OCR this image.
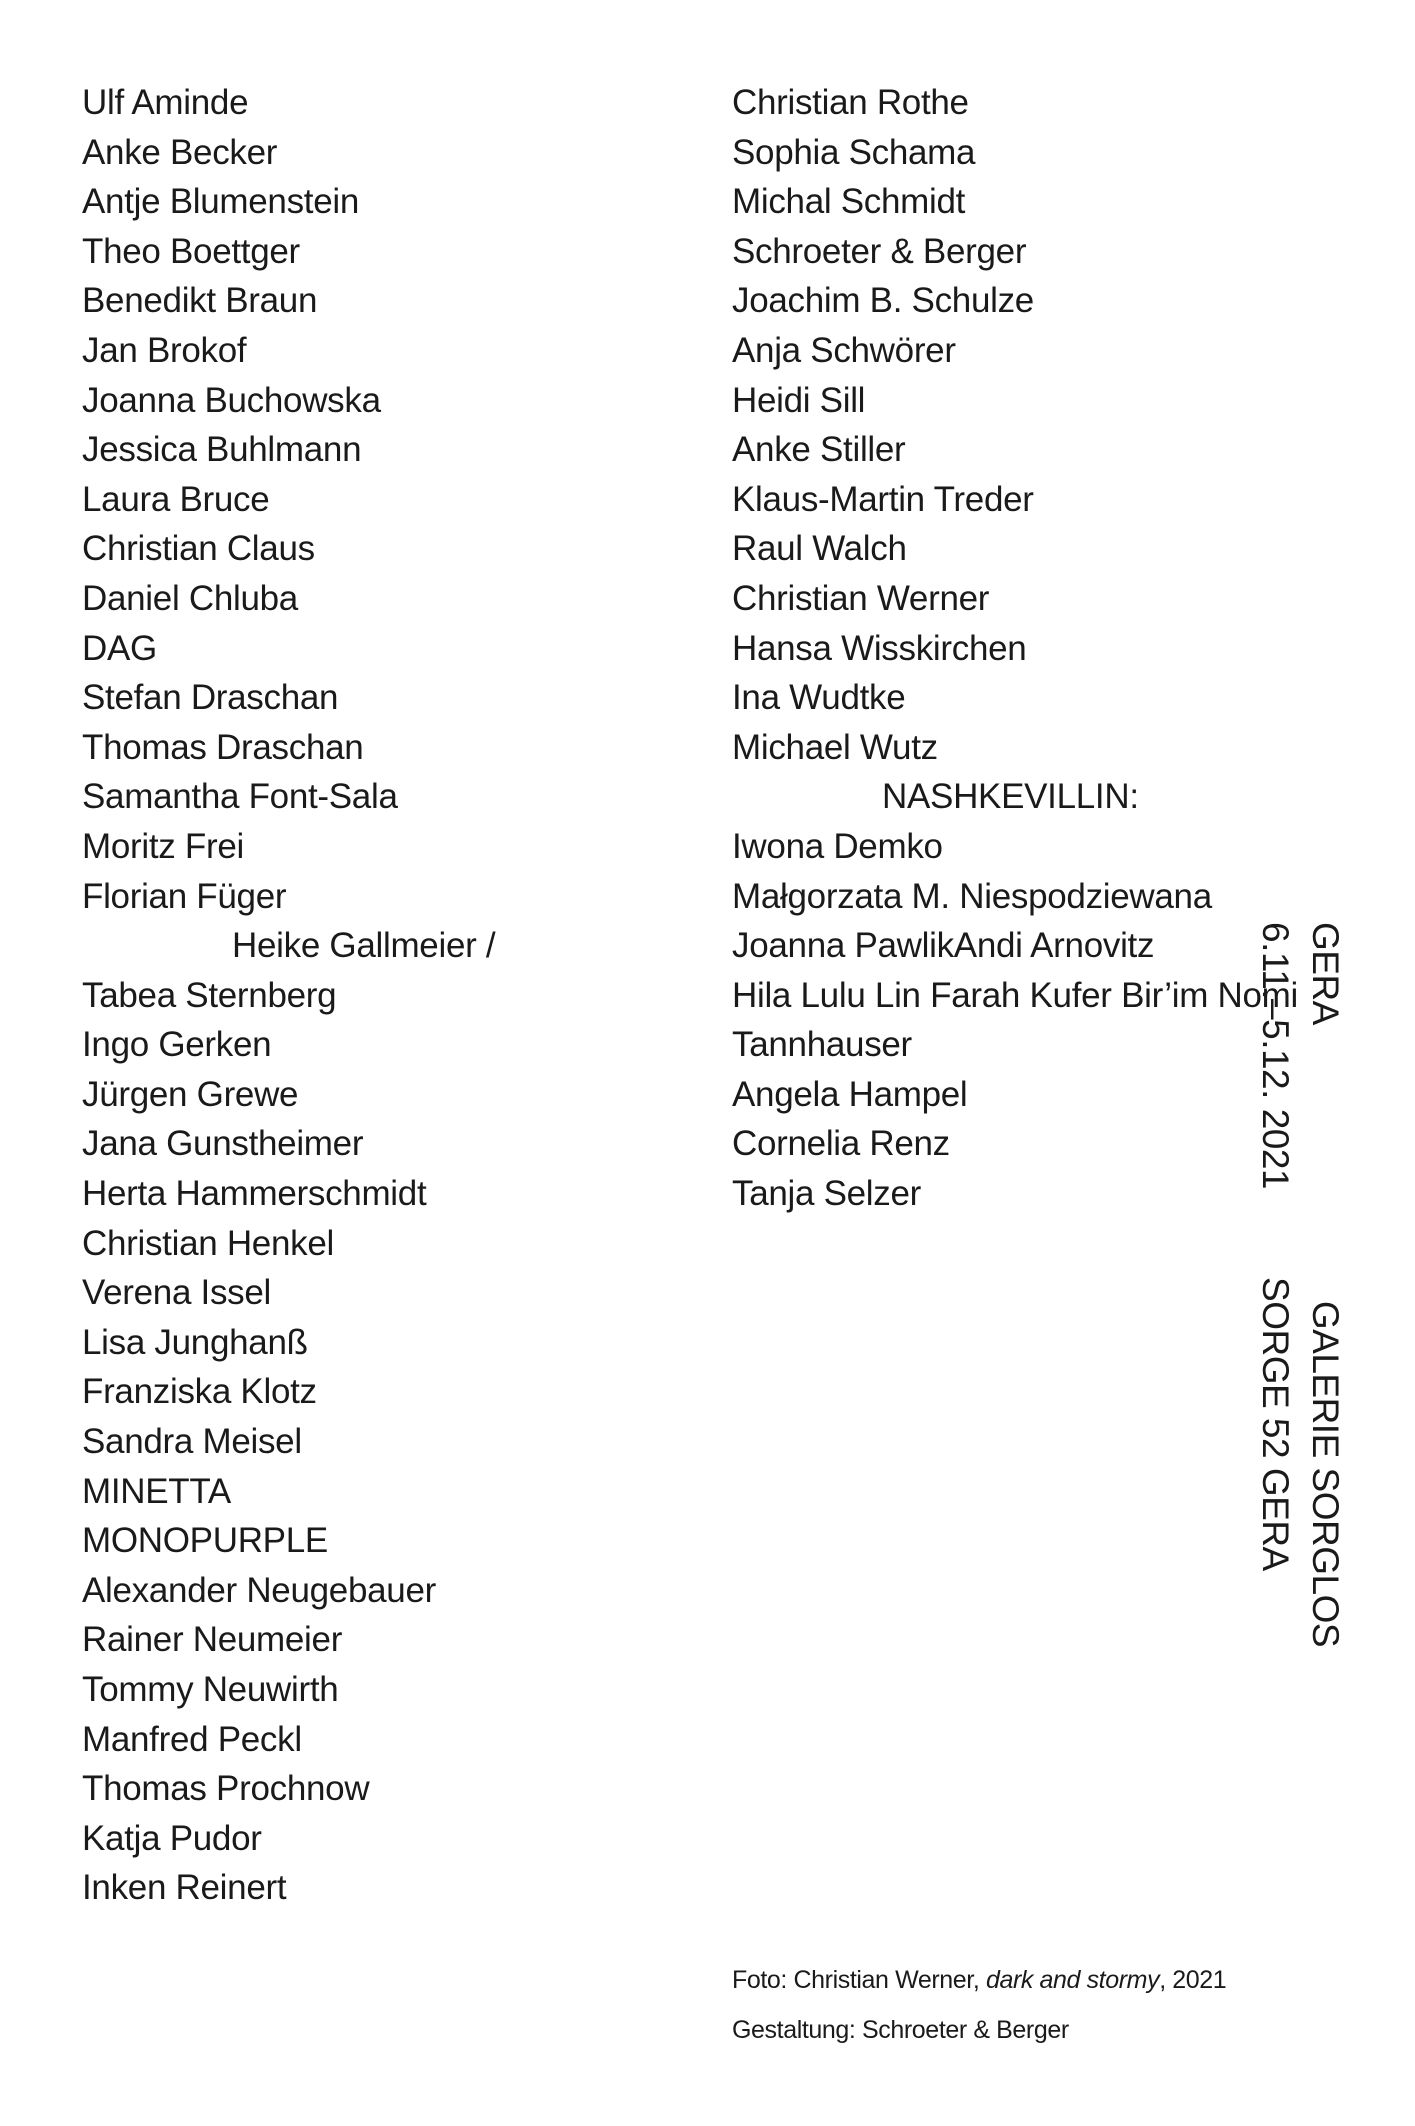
Ulf Aminde
Anke Becker
Antje Blumenstein
Theo Boettger
Benedikt Braun
Jan Brokof
Joanna Buchowska
Jessica Buhlmann
Laura Bruce
Christian Claus
Daniel Chluba
DAG
Stefan Draschan
Thomas Draschan
Samantha Font-Sala
Moritz Frei
Florian Füger
Heike Gallmeier /
Tabea Sternberg
Ingo Gerken
Jürgen Grewe
Jana Gunstheimer
Herta Hammerschmidt
Christian Henkel
Verena Issel
Lisa Junghanß
Franziska Klotz
Sandra Meisel
MINETTA
MONOPURPLE
Alexander Neugebauer
Rainer Neumeier
Tommy Neuwirth
Manfred Peckl
Thomas Prochnow
Katja Pudor
Inken Reinert
Christian Rothe
Sophia Schama
Michal Schmidt
Schroeter & Berger
Joachim B. Schulze
Anja Schwörer
Heidi Sill
Anke Stiller
Klaus-Martin Treder
Raul Walch
Christian Werner
Hansa Wisskirchen
Ina Wudtke
Michael Wutz
NASHKEVILLIN:
Iwona Demko
Małgorzata M. Niespodziewana
Joanna PawlikAndi Arnovitz
Hila Lulu Lin Farah Kufer Bir’im Nomi
Tannhauser
Angela Hampel
Cornelia Renz
Tanja Selzer
GERA
GALERIE SORGLOS
6.11.–5.12. 2021
SORGE 52 GERA
Foto: Christian Werner, dark and stormy, 2021
Gestaltung: Schroeter & Berger
